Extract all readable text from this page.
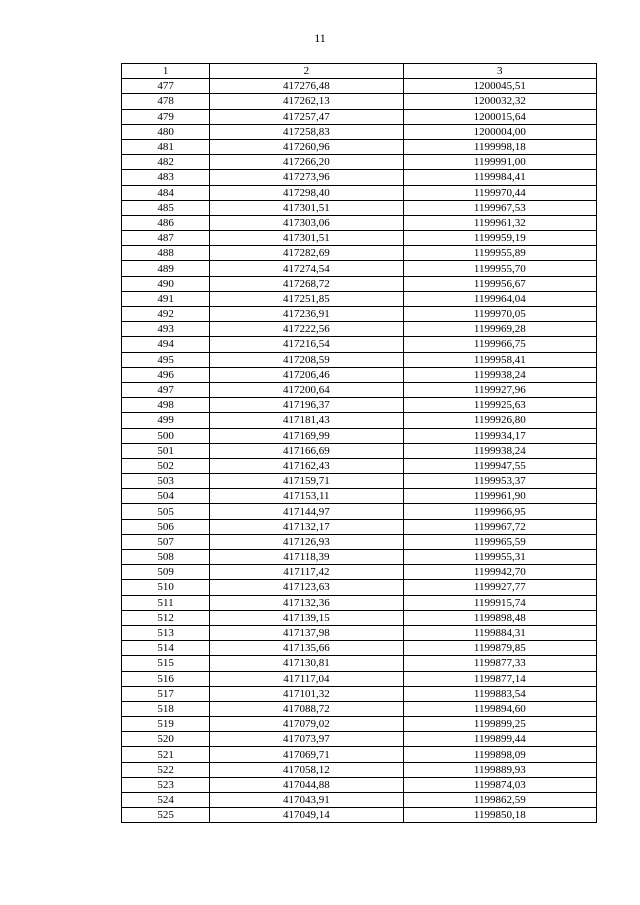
11
1	2	3
477	417276,48	1200045,51
478	417262,13	1200032,32
479	417257,47	1200015,64
480	417258,83	1200004,00
481	417260,96	1199998,18
482	417266,20	1199991,00
483	417273,96	1199984,41
484	417298,40	1199970,44
485	417301,51	1199967,53
486	417303,06	1199961,32
487	417301,51	1199959,19
488	417282,69	1199955,89
489	417274,54	1199955,70
490	417268,72	1199956,67
491	417251,85	1199964,04
492	417236,91	1199970,05
493	417222,56	1199969,28
494	417216,54	1199966,75
495	417208,59	1199958,41
496	417206,46	1199938,24
497	417200,64	1199927,96
498	417196,37	1199925,63
499	417181,43	1199926,80
500	417169,99	1199934,17
501	417166,69	1199938,24
502	417162,43	1199947,55
503	417159,71	1199953,37
504	417153,11	1199961,90
505	417144,97	1199966,95
506	417132,17	1199967,72
507	417126,93	1199965,59
508	417118,39	1199955,31
509	417117,42	1199942,70
510	417123,63	1199927,77
511	417132,36	1199915,74
512	417139,15	1199898,48
513	417137,98	1199884,31
514	417135,66	1199879,85
515	417130,81	1199877,33
516	417117,04	1199877,14
517	417101,32	1199883,54
518	417088,72	1199894,60
519	417079,02	1199899,25
520	417073,97	1199899,44
521	417069,71	1199898,09
522	417058,12	1199889,93
523	417044,88	1199874,03
524	417043,91	1199862,59
525	417049,14	1199850,18
